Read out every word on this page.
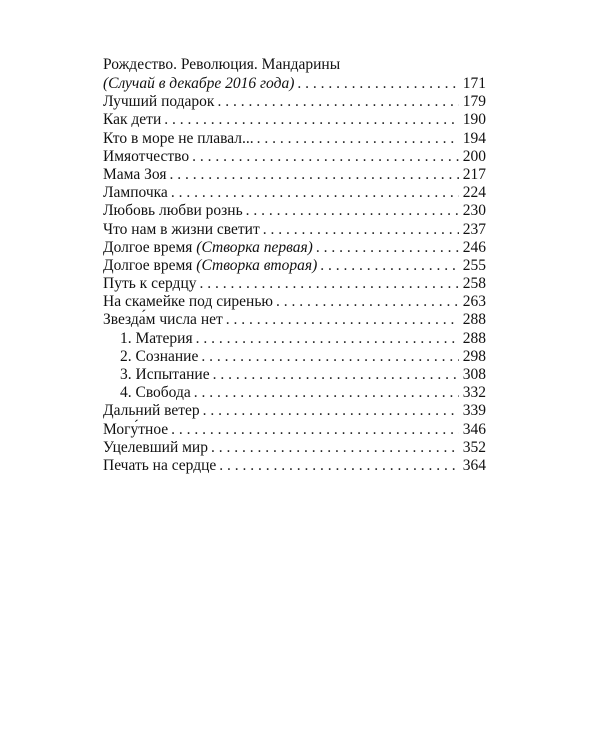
Рождество. Революция. Мандарины
(Случай в декабре 2016 года) . . .	171
Лучший подарок . . .	179
Как дети . . .	190
Кто в море не плавал... . . .	194
Имяотчество . . .	200
Мама Зоя . . .	217
Лампочка . . .	224
Любовь любви рознь . . .	230
Что нам в жизни светит . . .	237
Долгое время (Створка первая) . . .	246
Долгое время (Створка вторая) . . .	255
Путь к сердцу . . .	258
На скамейке под сиренью . . .	263
Звезда́м числа нет . . .	288
1. Материя . . .	288
2. Сознание . . .	298
3. Испытание . . .	308
4. Свобода . . .	332
Дальний ветер . . .	339
Могу́тное . . .	346
Уцелевший мир . . .	352
Печать на сердце . . .	364
